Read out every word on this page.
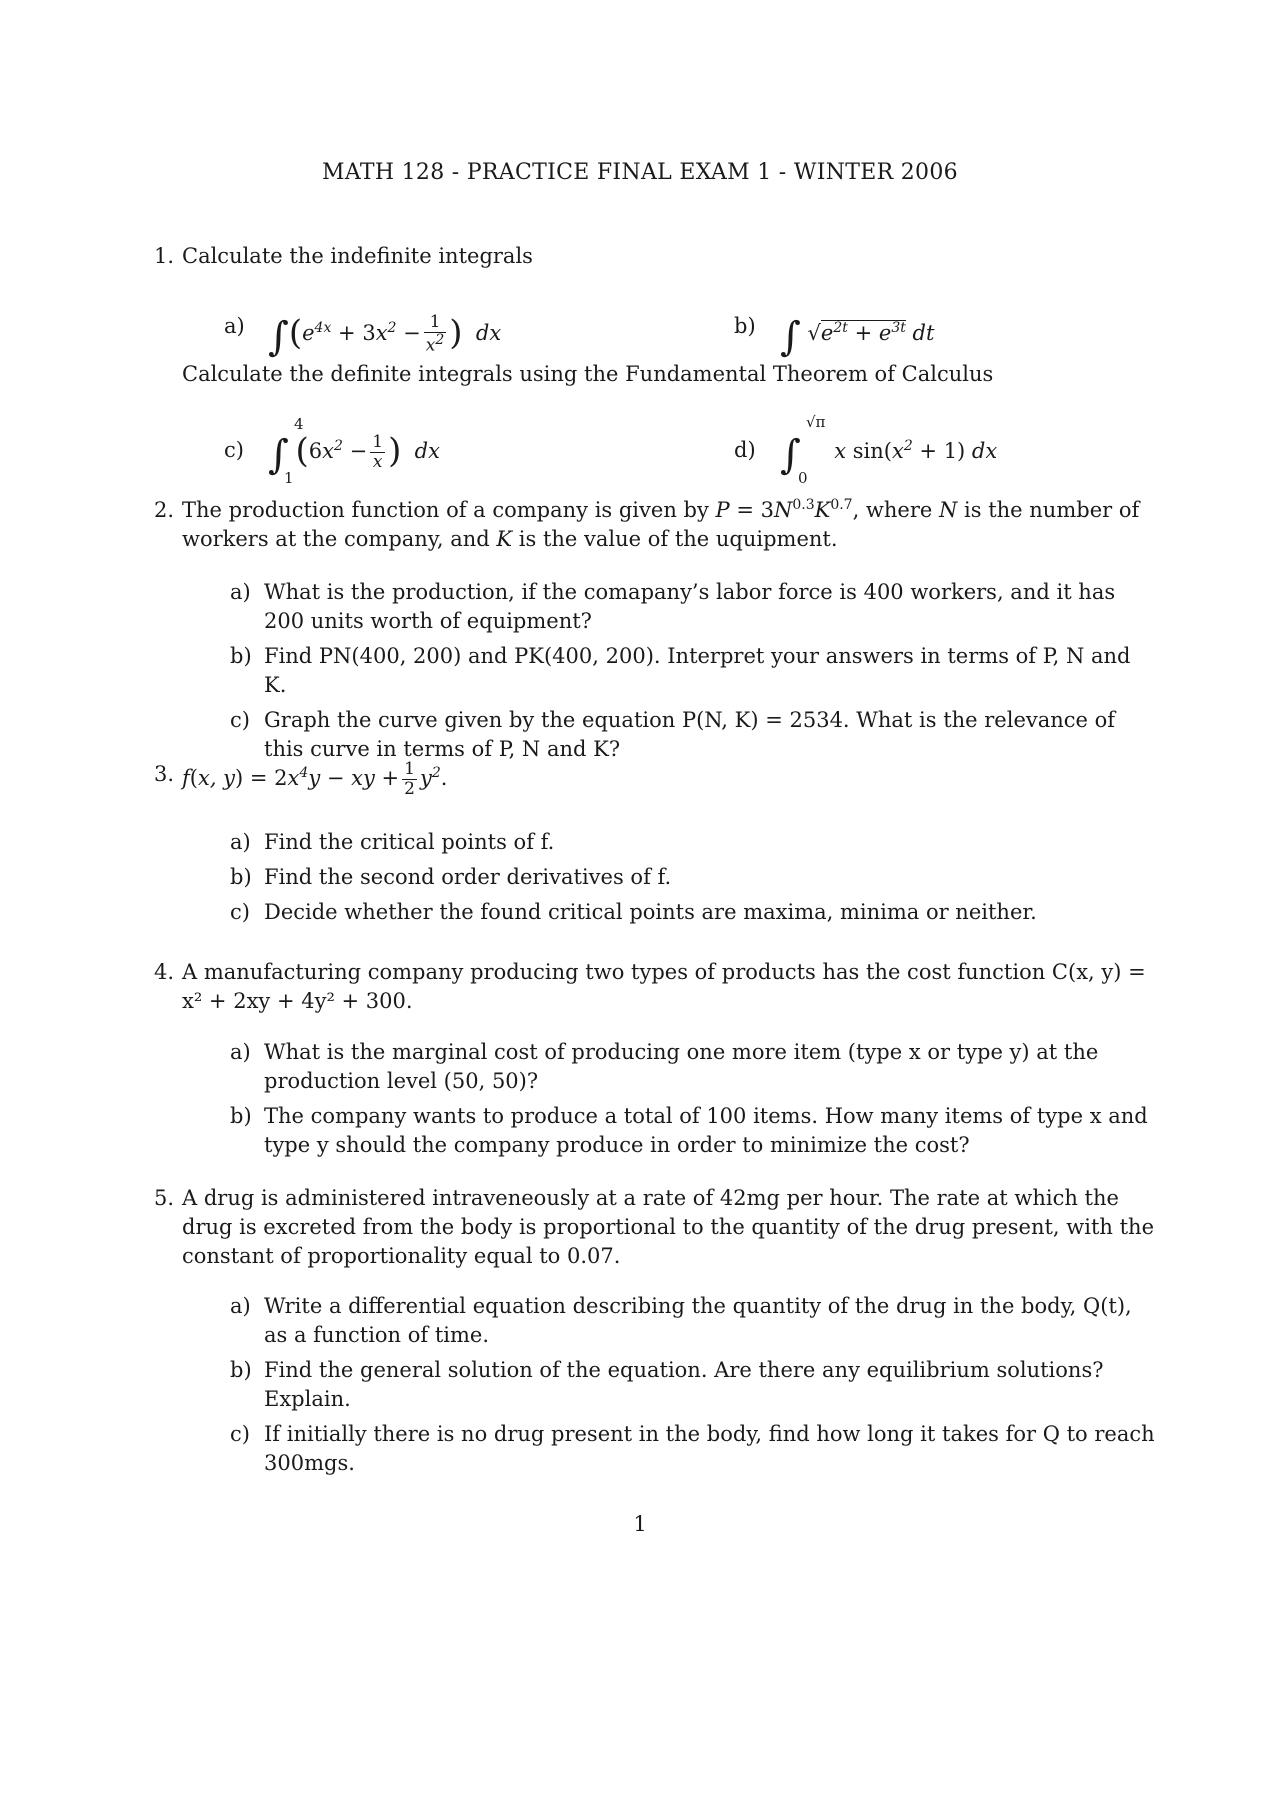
MATH 128 - PRACTICE FINAL EXAM 1 - WINTER 2006
1. Calculate the indefinite integrals
a) $\int(e^{4x} + 3x^2 - \frac{1}{x^2}$ )  dx	b) ∫ $√e^{2t} + e^{3t}$ dt
Calculate the definite integrals using the Fundamental Theorem of Calculus
c) ∫
4
1
($6x^2 - \frac{1}{x}$ )  dx	d) ∫
√π
0
x $\sin(x^2 + 1)$ dx
2. The production function of a company is given by $P = 3N^{0.3}K^{0.7}$, where N is the number of workers at the company, and K is the value of the uquipment.
a) What is the production, if the comapany’s labor force is 400 workers, and it has 200 units worth of equipment?
b) Find PN(400, 200) and PK(400, 200). Interpret your answers in terms of P, N and K.
c) Graph the curve given by the equation P(N, K) = 2534. What is the relevance of this curve in terms of P, N and K?
3. f(x, $y) = 2x^4y$ − xy + $\frac{1}{2} y^2$.
a) Find the critical points of f.
b) Find the second order derivatives of f.
c) Decide whether the found critical points are maxima, minima or neither.
4. A manufacturing company producing two types of products has the cost function C(x, y) = x² + 2xy + 4y² + 300.
a) What is the marginal cost of producing one more item (type x or type y) at the production level (50, 50)?
b) The company wants to produce a total of 100 items. How many items of type x and type y should the company produce in order to minimize the cost?
5. A drug is administered intraveneously at a rate of 42mg per hour. The rate at which the drug is excreted from the body is proportional to the quantity of the drug present, with the constant of proportionality equal to 0.07.
a) Write a differential equation describing the quantity of the drug in the body, Q(t), as a function of time.
b) Find the general solution of the equation. Are there any equilibrium solutions? Explain.
c) If initially there is no drug present in the body, find how long it takes for Q to reach 300mgs.
1
